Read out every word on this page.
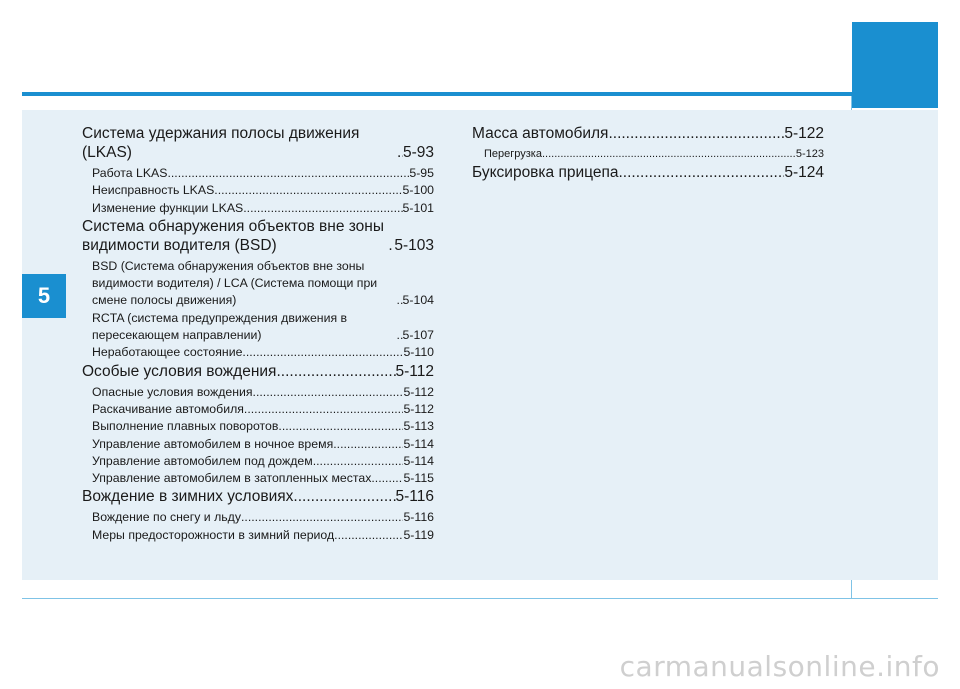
5
Система удержания полосы движения (LKAS) .....	5-93
Работа LKAS .....	5-95
Неисправность LKAS .....	5-100
Изменение функции LKAS .....	5-101
Система обнаружения объектов вне зоны видимости водителя (BSD) .....	5-103
BSD (Система обнаружения объектов вне зоны видимости водителя) / LCA (Система помощи при смене полосы движения) .....	5-104
RCTA (система предупреждения движения в пересекающем направлении) .....	5-107
Неработающее состояние .....	5-110
Особые условия вождения .....	5-112
Опасные условия вождения .....	5-112
Раскачивание автомобиля .....	5-112
Выполнение плавных поворотов .....	5-113
Управление автомобилем в ночное время .....	5-114
Управление автомобилем под дождем .....	5-114
Управление автомобилем в затопленных местах .....	5-115
Вождение в зимних условиях .....	5-116
Вождение по снегу и льду .....	5-116
Меры предосторожности в зимний период .....	5-119
Масса автомобиля .....	5-122
Перегрузка .....	5-123
Буксировка прицепа .....	5-124
carmanualsonline.info
